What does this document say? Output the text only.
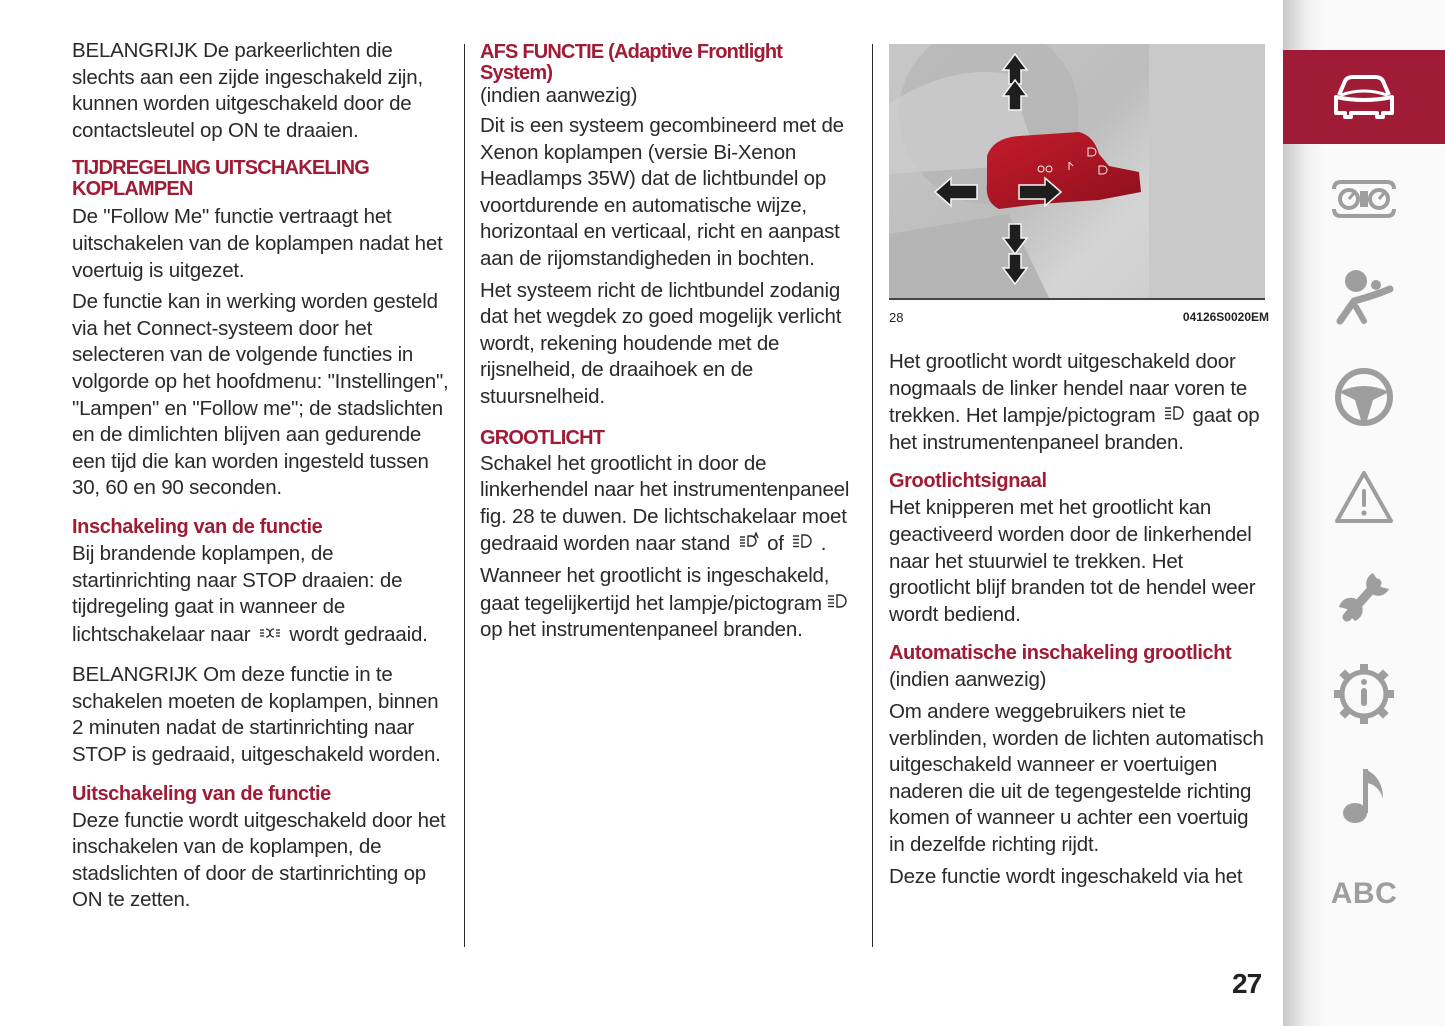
BELANGRIJK De parkeerlichten die slechts aan een zijde ingeschakeld zijn, kunnen worden uitgeschakeld door de contactsleutel op ON te draaien.

TIJDREGELING UITSCHAKELING
KOPLAMPEN

De "Follow Me" functie vertraagt het uitschakelen van de koplampen nadat het voertuig is uitgezet.

De functie kan in werking worden gesteld via het Connect-systeem door het selecteren van de volgende functies in volgorde op het hoofdmenu: "Instellingen", "Lampen" en "Follow me"; de stadslichten en de dimlichten blijven aan gedurende een tijd die kan worden ingesteld tussen 30, 60 en 90 seconden.

Inschakeling van de functie

Bij brandende koplampen, de startinrichting naar STOP draaien: de tijdregeling gaat in wanneer de lichtschakelaar naar wordt gedraaid.

BELANGRIJK Om deze functie in te schakelen moeten de koplampen, binnen 2 minuten nadat de startinrichting naar STOP is gedraaid, uitgeschakeld worden.

Uitschakeling van de functie

Deze functie wordt uitgeschakeld door het inschakelen van de koplampen, de stadslichten of door de startinrichting op ON te zetten.

AFS FUNCTIE (Adaptive Frontlight
System)

(indien aanwezig)

Dit is een systeem gecombineerd met de Xenon koplampen (versie Bi-Xenon Headlamps 35W) dat de lichtbundel op voortdurende en automatische wijze, horizontaal en verticaal, richt en aanpast aan de rijomstandigheden in bochten.

Het systeem richt de lichtbundel zodanig dat het wegdek zo goed mogelijk verlicht wordt, rekening houdende met de rijsnelheid, de draaihoek en de stuursnelheid.

GROOTLICHT

Schakel het grootlicht in door de linkerhendel naar het instrumentenpaneel fig. 28 te duwen. De lichtschakelaar moet gedraaid worden naar stand of .

Wanneer het grootlicht is ingeschakeld, gaat tegelijkertijd het lampje/pictogram  op het instrumentenpaneel branden.

28	04126S0020EM

Het grootlicht wordt uitgeschakeld door nogmaals de linker hendel naar voren te trekken. Het lampje/pictogram gaat op het instrumentenpaneel branden.

Grootlichtsignaal

Het knipperen met het grootlicht kan geactiveerd worden door de linkerhendel naar het stuurwiel te trekken. Het grootlicht blijf branden tot de hendel weer wordt bediend.

Automatische inschakeling grootlicht

(indien aanwezig)

Om andere weggebruikers niet te verblinden, worden de lichten automatisch uitgeschakeld wanneer er voertuigen naderen die uit de tegengestelde richting komen of wanneer u achter een voertuig in dezelfde richting rijdt.

Deze functie wordt ingeschakeld via het

27
ABC
